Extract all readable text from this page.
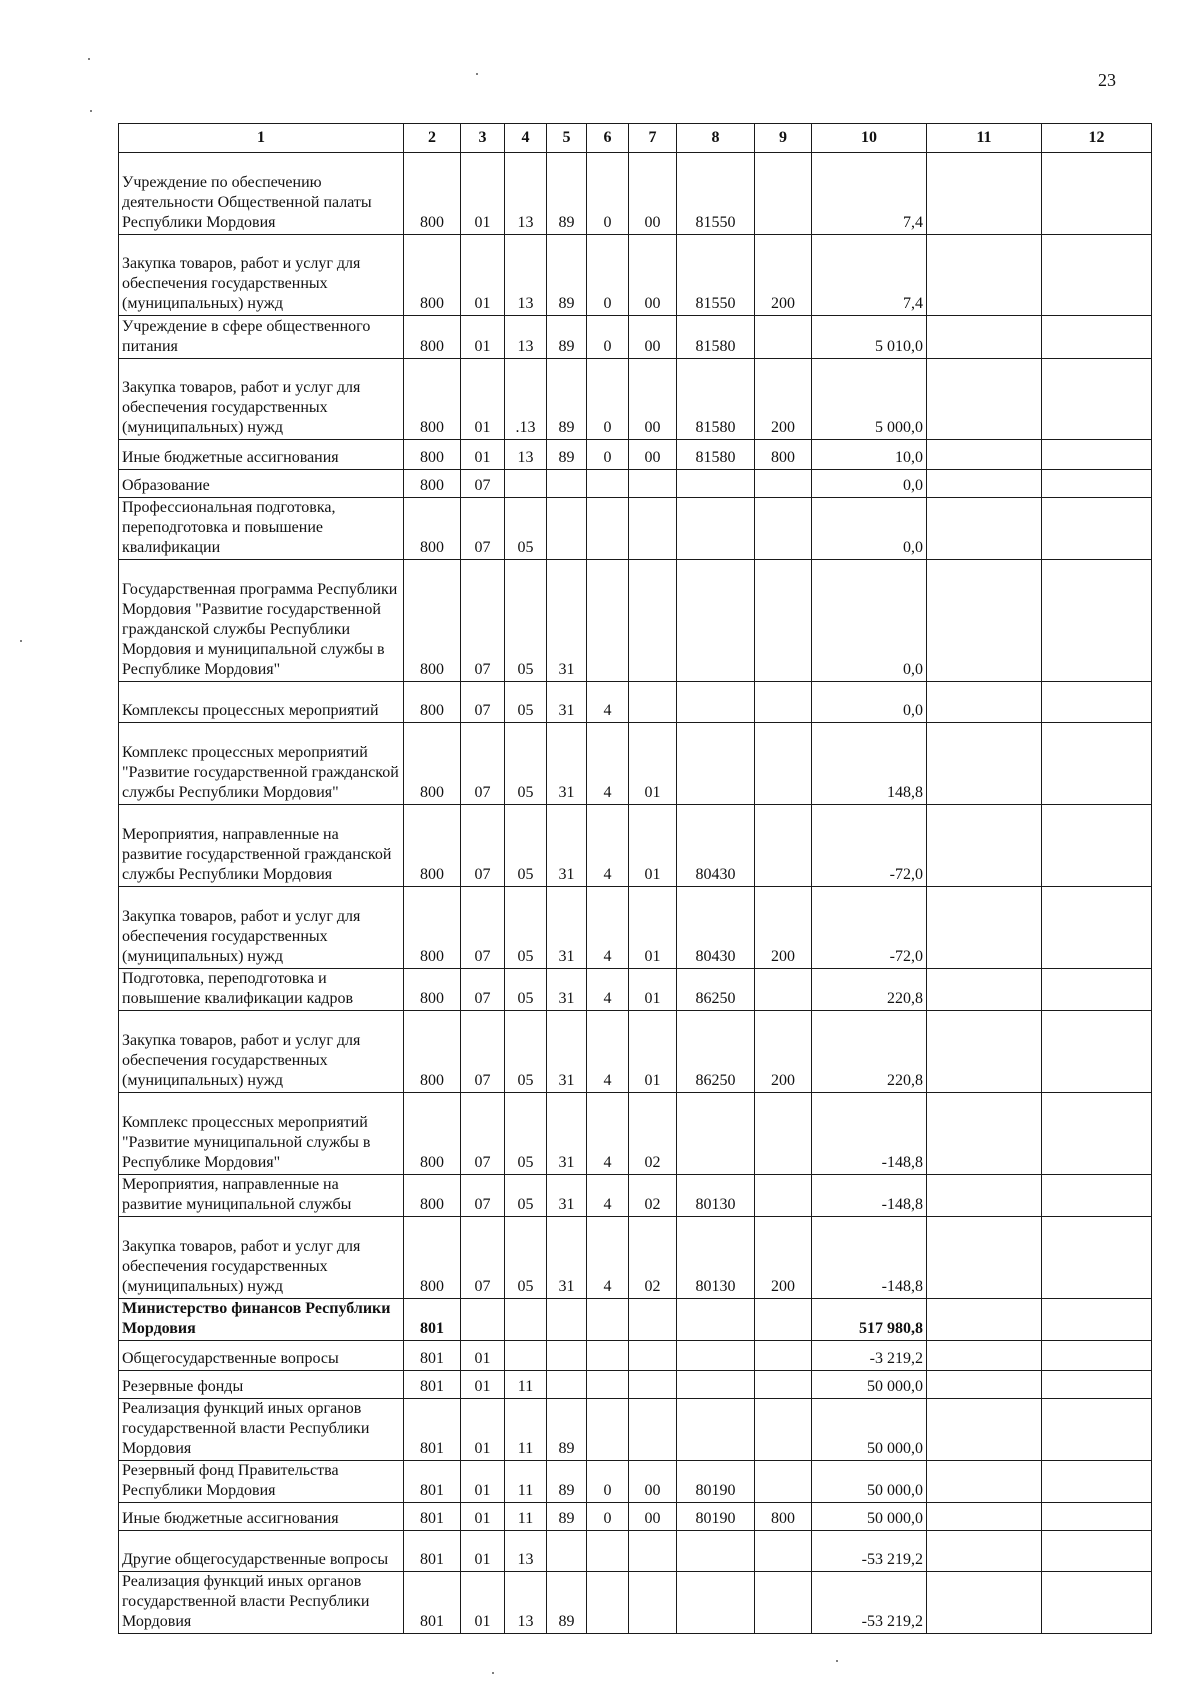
23
1	2	3	4	5	6	7	8	9	10	11	12
Учреждение по обеспечению деятельности Общественной палаты Республики Мордовия	800	01	13	89	0	00	81550		7,4		
Закупка товаров, работ и услуг для обеспечения государственных (муниципальных) нужд	800	01	13	89	0	00	81550	200	7,4		
Учреждение в сфере общественного питания	800	01	13	89	0	00	81580		5 010,0		
Закупка товаров, работ и услуг для обеспечения государственных (муниципальных) нужд	800	01	.13	89	0	00	81580	200	5 000,0		
Иные бюджетные ассигнования	800	01	13	89	0	00	81580	800	10,0		
Образование	800	07							0,0		
Профессиональная подготовка, переподготовка и повышение квалификации	800	07	05						0,0		
Государственная программа Республики Мордовия "Развитие государственной гражданской службы Республики Мордовия и муниципальной службы в Республике Мордовия"	800	07	05	31					0,0		
Комплексы процессных мероприятий	800	07	05	31	4				0,0		
Комплекс процессных мероприятий "Развитие государственной гражданской службы Республики Мордовия"	800	07	05	31	4	01			148,8		
Мероприятия, направленные на развитие государственной гражданской службы Республики Мордовия	800	07	05	31	4	01	80430		-72,0		
Закупка товаров, работ и услуг для обеспечения государственных (муниципальных) нужд	800	07	05	31	4	01	80430	200	-72,0		
Подготовка, переподготовка и повышение квалификации кадров	800	07	05	31	4	01	86250		220,8		
Закупка товаров, работ и услуг для обеспечения государственных (муниципальных) нужд	800	07	05	31	4	01	86250	200	220,8		
Комплекс процессных мероприятий "Развитие муниципальной службы в Республике Мордовия"	800	07	05	31	4	02			-148,8		
Мероприятия, направленные на развитие муниципальной службы	800	07	05	31	4	02	80130		-148,8		
Закупка товаров, работ и услуг для обеспечения государственных (муниципальных) нужд	800	07	05	31	4	02	80130	200	-148,8		
Министерство финансов Республики Мордовия	801								517 980,8		
Общегосударственные вопросы	801	01							-3 219,2		
Резервные фонды	801	01	11						50 000,0		
Реализация функций иных органов государственной власти Республики Мордовия	801	01	11	89					50 000,0		
Резервный фонд Правительства Республики Мордовия	801	01	11	89	0	00	80190		50 000,0		
Иные бюджетные ассигнования	801	01	11	89	0	00	80190	800	50 000,0		
Другие общегосударственные вопросы	801	01	13						-53 219,2		
Реализация функций иных органов государственной власти Республики Мордовия	801	01	13	89					-53 219,2		
